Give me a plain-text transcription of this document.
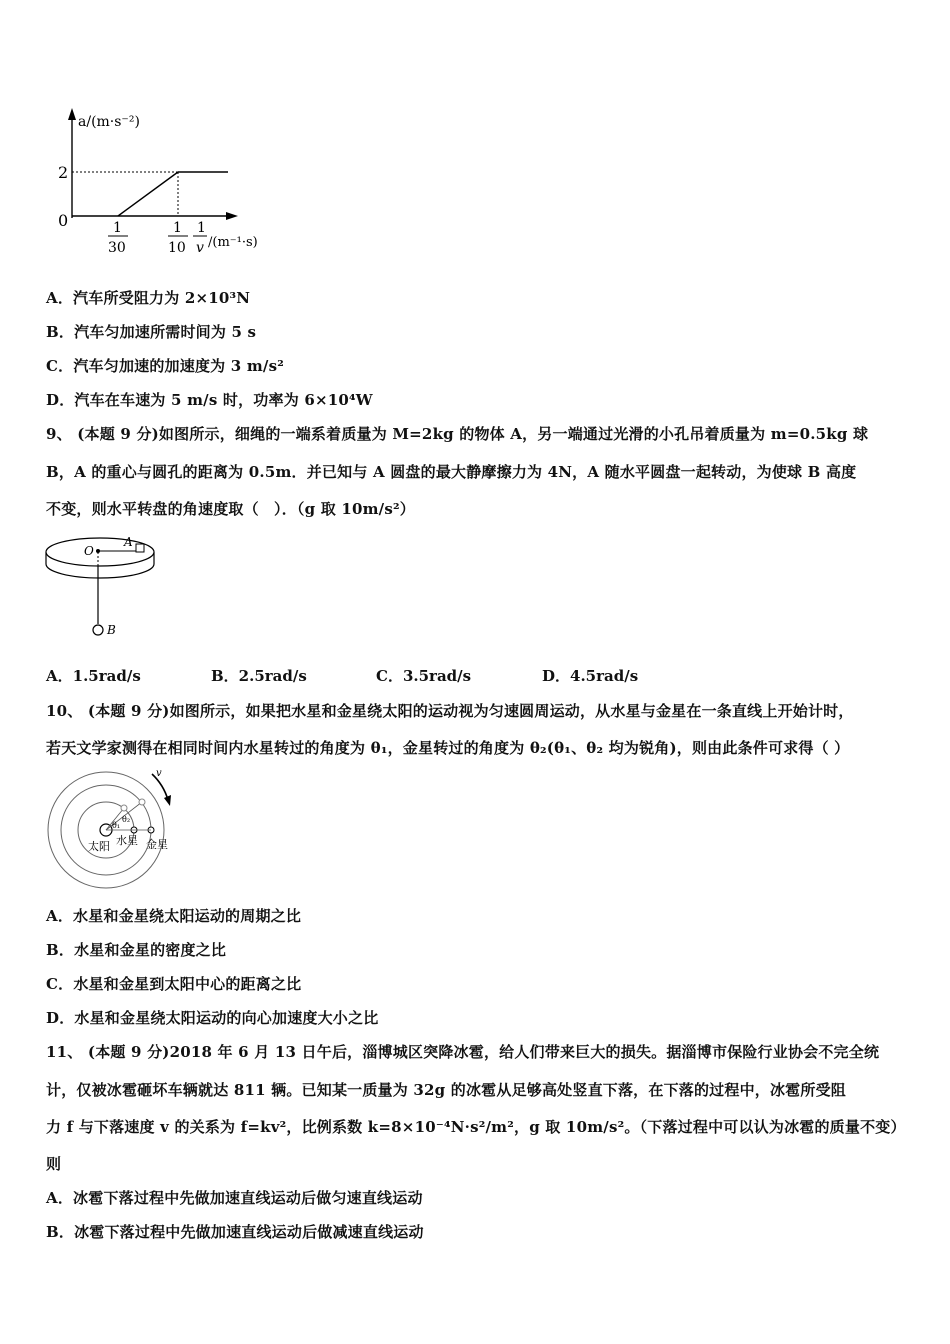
a/(m·s⁻²)
2
0	1
30
1
10
1
v /(m⁻¹·s)
A．汽车所受阻力为 2×10³N
B．汽车匀加速所需时间为 5 s
C．汽车匀加速的加速度为 3 m/s²
D．汽车在车速为 5 m/s 时，功率为 6×10⁴W
9、 (本题 9 分)如图所示，细绳的一端系着质量为 M=2kg 的物体 A，另一端通过光滑的小孔吊着质量为 m=0.5kg 球
B，A 的重心与圆孔的距离为 0.5m．并已知与 A 圆盘的最大静摩擦力为 4N，A 随水平圆盘一起转动，为使球 B 高度
不变，则水平转盘的角速度取（　）．（g 取 10m/s²）
O
A
B
A．1.5rad/s	B．2.5rad/s	C．3.5rad/s	D．4.5rad/s
10、 (本题 9 分)如图所示，如果把水星和金星绕太阳的运动视为匀速圆周运动，从水星与金星在一条直线上开始计时，
若天文学家测得在相同时间内水星转过的角度为 θ₁，金星转过的角度为 θ₂(θ₁、θ₂ 均为锐角)，则由此条件可求得（ ）
v
θ₁
θ₂
太阳 水星 金星
A．水星和金星绕太阳运动的周期之比
B．水星和金星的密度之比
C．水星和金星到太阳中心的距离之比
D．水星和金星绕太阳运动的向心加速度大小之比
11、 (本题 9 分)2018 年 6 月 13 日午后，淄博城区突降冰雹，给人们带来巨大的损失。据淄博市保险行业协会不完全统
计，仅被冰雹砸坏车辆就达 811 辆。已知某一质量为 32g 的冰雹从足够高处竖直下落，在下落的过程中，冰雹所受阻
力 f 与下落速度 v 的关系为 f=kv²，比例系数 k=8×10⁻⁴N·s²/m²，g 取 10m/s²。（下落过程中可以认为冰雹的质量不变）
则
A．冰雹下落过程中先做加速直线运动后做匀速直线运动
B．冰雹下落过程中先做加速直线运动后做减速直线运动
